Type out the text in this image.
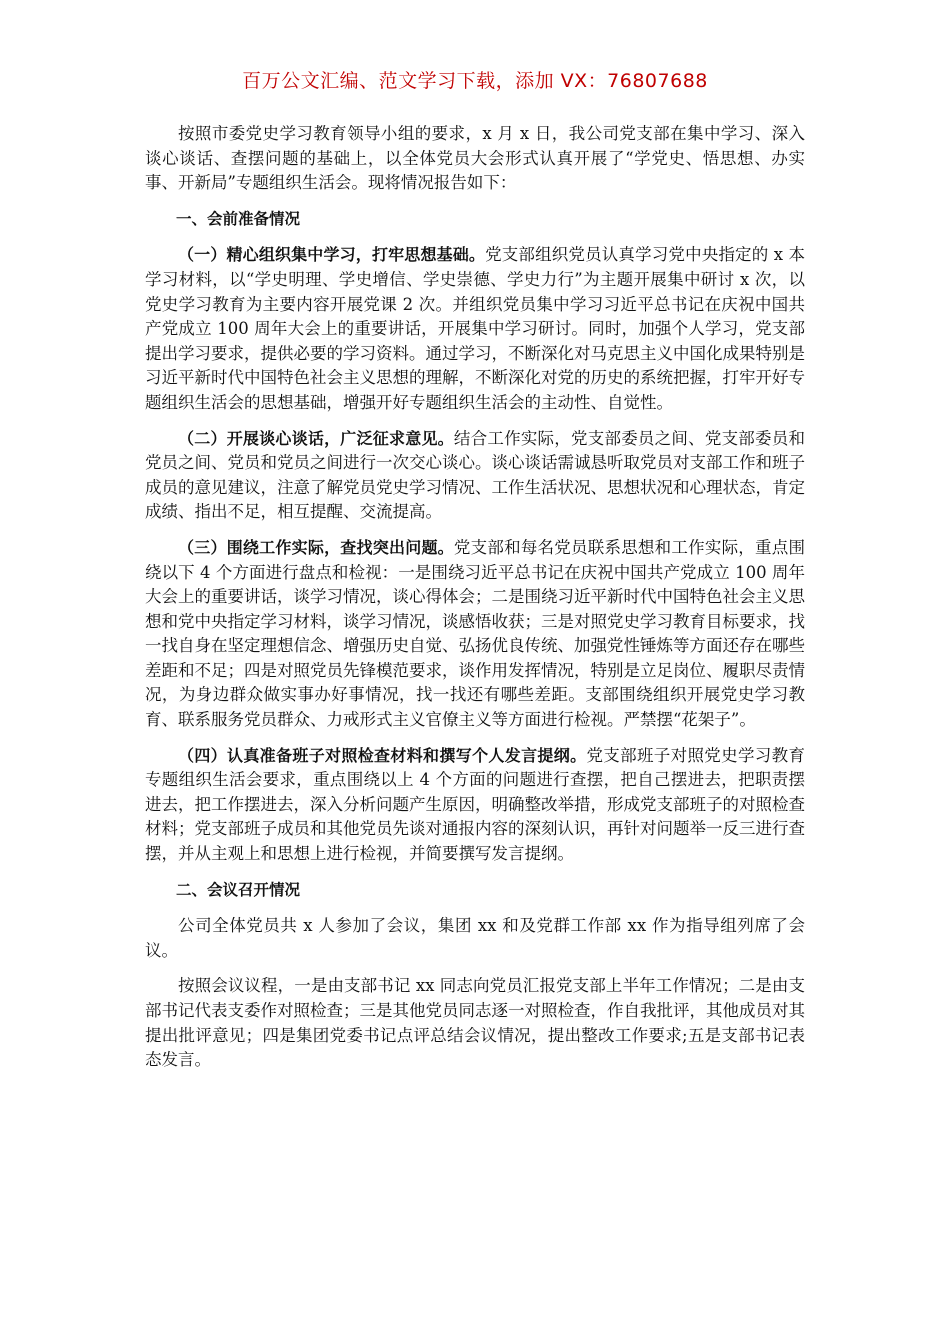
百万公文汇编、范文学习下载，添加 VX：76807688

按照市委党史学习教育领导小组的要求，x 月 x 日，我公司党支部在集中学习、深入谈心谈话、查摆问题的基础上，以全体党员大会形式认真开展了“学党史、悟思想、办实事、开新局”专题组织生活会。现将情况报告如下：

一、会前准备情况

（一）精心组织集中学习，打牢思想基础。党支部组织党员认真学习党中央指定的 x 本学习材料，以“学史明理、学史增信、学史崇德、学史力行”为主题开展集中研讨 x 次，以党史学习教育为主要内容开展党课 2 次。并组织党员集中学习习近平总书记在庆祝中国共产党成立 100 周年大会上的重要讲话，开展集中学习研讨。同时，加强个人学习，党支部提出学习要求，提供必要的学习资料。通过学习，不断深化对马克思主义中国化成果特别是习近平新时代中国特色社会主义思想的理解，不断深化对党的历史的系统把握，打牢开好专题组织生活会的思想基础，增强开好专题组织生活会的主动性、自觉性。

（二）开展谈心谈话，广泛征求意见。结合工作实际，党支部委员之间、党支部委员和党员之间、党员和党员之间进行一次交心谈心。谈心谈话需诚恳听取党员对支部工作和班子成员的意见建议，注意了解党员党史学习情况、工作生活状况、思想状况和心理状态，肯定成绩、指出不足，相互提醒、交流提高。

（三）围绕工作实际，查找突出问题。党支部和每名党员联系思想和工作实际，重点围绕以下 4 个方面进行盘点和检视：一是围绕习近平总书记在庆祝中国共产党成立 100 周年大会上的重要讲话，谈学习情况，谈心得体会；二是围绕习近平新时代中国特色社会主义思想和党中央指定学习材料，谈学习情况，谈感悟收获；三是对照党史学习教育目标要求，找一找自身在坚定理想信念、增强历史自觉、弘扬优良传统、加强党性锤炼等方面还存在哪些差距和不足；四是对照党员先锋模范要求，谈作用发挥情况，特别是立足岗位、履职尽责情况，为身边群众做实事办好事情况，找一找还有哪些差距。支部围绕组织开展党史学习教育、联系服务党员群众、力戒形式主义官僚主义等方面进行检视。严禁摆“花架子”。

（四）认真准备班子对照检查材料和撰写个人发言提纲。党支部班子对照党史学习教育专题组织生活会要求，重点围绕以上 4 个方面的问题进行查摆，把自己摆进去，把职责摆进去，把工作摆进去，深入分析问题产生原因，明确整改举措，形成党支部班子的对照检查材料；党支部班子成员和其他党员先谈对通报内容的深刻认识，再针对问题举一反三进行查摆，并从主观上和思想上进行检视，并简要撰写发言提纲。

二、会议召开情况

公司全体党员共 x 人参加了会议，集团 xx 和及党群工作部 xx 作为指导组列席了会议。

按照会议议程，一是由支部书记 xx 同志向党员汇报党支部上半年工作情况；二是由支部书记代表支委作对照检查；三是其他党员同志逐一对照检查，作自我批评，其他成员对其提出批评意见；四是集团党委书记点评总结会议情况，提出整改工作要求;五是支部书记表态发言。
